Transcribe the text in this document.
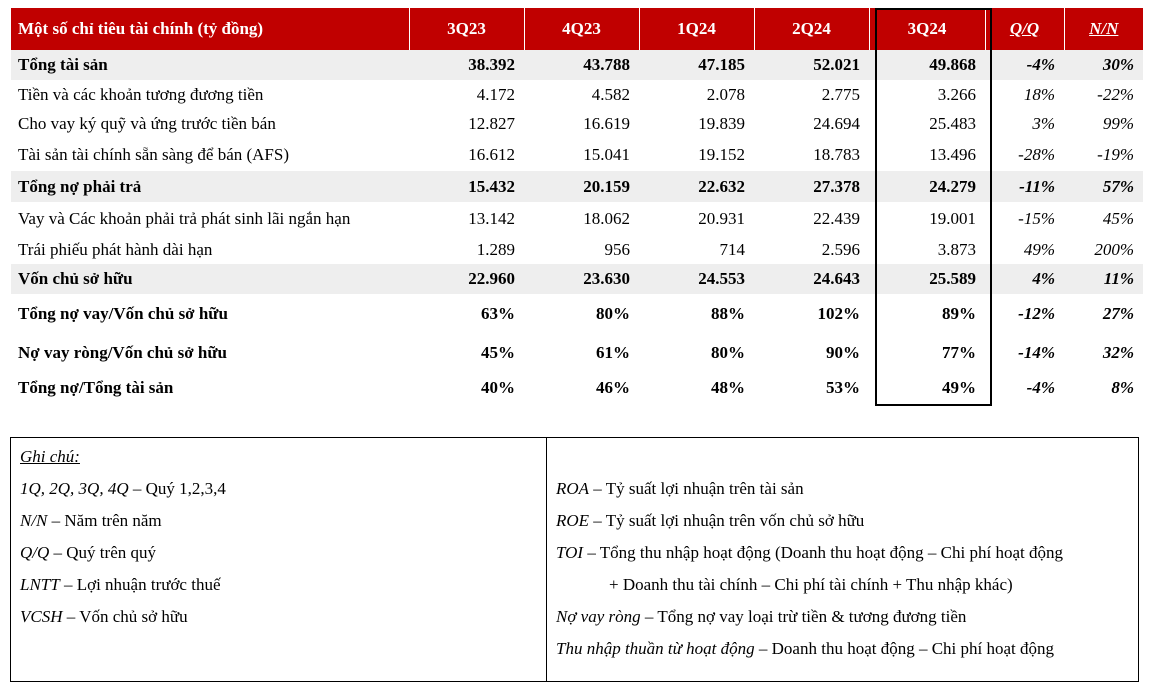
Một số chỉ tiêu tài chính (tỷ đồng)	3Q23	4Q23	1Q24	2Q24	3Q24	Q/Q	N/N
Tổng tài sản	38.392	43.788	47.185	52.021	49.868	-4%	30%
Tiền và các khoản tương đương tiền	4.172	4.582	2.078	2.775	3.266	18%	-22%
Cho vay ký quỹ và ứng trước tiền bán	12.827	16.619	19.839	24.694	25.483	3%	99%
Tài sản tài chính sẵn sàng để bán (AFS)	16.612	15.041	19.152	18.783	13.496	-28%	-19%
Tổng nợ phải trả	15.432	20.159	22.632	27.378	24.279	-11%	57%
Vay và Các khoản phải trả phát sinh lãi ngắn hạn	13.142	18.062	20.931	22.439	19.001	-15%	45%
Trái phiếu phát hành dài hạn	1.289	956	714	2.596	3.873	49%	200%
Vốn chủ sở hữu	22.960	23.630	24.553	24.643	25.589	4%	11%
Tổng nợ vay/Vốn chủ sở hữu	63%	80%	88%	102%	89%	-12%	27%
Nợ vay ròng/Vốn chủ sở hữu	45%	61%	80%	90%	77%	-14%	32%
Tổng nợ/Tổng tài sản	40%	46%	48%	53%	49%	-4%	8%
Ghi chú:
1Q, 2Q, 3Q, 4Q – Quý 1,2,3,4
N/N – Năm trên năm
Q/Q – Quý trên quý
LNTT – Lợi nhuận trước thuế
VCSH – Vốn chủ sở hữu
ROA – Tỷ suất lợi nhuận trên tài sản
ROE – Tỷ suất lợi nhuận trên vốn chủ sở hữu
TOI – Tổng thu nhập hoạt động (Doanh thu hoạt động – Chi phí hoạt động
+ Doanh thu tài chính – Chi phí tài chính + Thu nhập khác)
Nợ vay ròng – Tổng nợ vay loại trừ tiền & tương đương tiền
Thu nhập thuần từ hoạt động – Doanh thu hoạt động – Chi phí hoạt động
